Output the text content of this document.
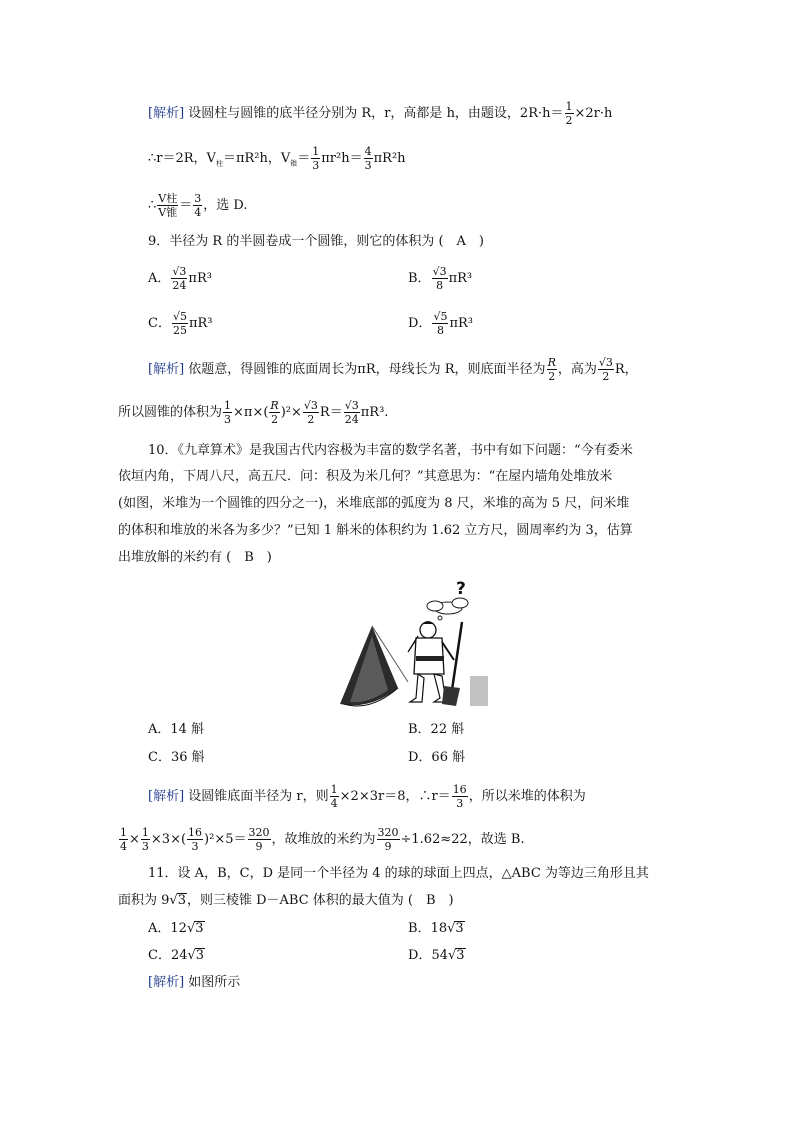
[解析] 设圆柱与圆锥的底半径分别为 R，r，高都是 h，由题设，$2R\cdot h= \frac{1}{2} \times 2r\cdot h$
∴r＝2R，$V_柱=\pi R^2h$，$V_锥= \frac{1}{3} \pi r^2h= \frac{4}{3} \pi R^2h$
∴ $\frac{\text{V柱}}{\text{V锥}} = \frac{3}{4}$ ，选 D.
9．半径为 R 的半圆卷成一个圆锥，则它的体积为 (　A　)
A． $\frac{√3}{24} \pi R^3$	B． $\frac{√3}{8} \pi R^3$
C． $\frac{√5}{25} \pi R^3$	D． $\frac{√5}{8} \pi R^3$
[解析] 依题意，得圆锥的底面周长为πR，母线长为 R，则底面半径为 $\frac{R}{2}$ ，高为 $\frac{√3}{2}$ R，
所以圆锥的体积为 $\frac{1}{3} \times\pi\times( \frac{R}{2} )^2\times \frac{√3}{2} R= \frac{√3}{24} \pi R^3$.
10．《九章算术》是我国古代内容极为丰富的数学名著，书中有如下问题：“今有委米
依垣内角，下周八尺，高五尺．问：积及为米几何？”其意思为：“在屋内墙角处堆放米
(如图，米堆为一个圆锥的四分之一)，米堆底部的弧度为 8 尺，米堆的高为 5 尺，问米堆
的体积和堆放的米各为多少？”已知 1 斛米的体积约为 1.62 立方尺，圆周率约为 3，估算
出堆放斛的米约有 (　B　)
?
A．14 斛	B．22 斛
C．36 斛	D．66 斛
[解析] 设圆锥底面半径为 r，则 $\frac{1}{4} \times 2\times 3r=8$，∴r＝ $\frac{16}{3}$ ，所以米堆的体积为
$\frac{1}{4} \times \frac{1}{3} \times 3\times( \frac{16}{3} )^2\times 5= \frac{320}{9}$ ，故堆放的米约为 $\frac{320}{9} \div 1.62\approx 22$，故选 B.
11．设 A，B，C，D 是同一个半径为 4 的球的球面上四点，△ABC 为等边三角形且其
面积为 9√3，则三棱锥 D－ABC 体积的最大值为 (　B　)
A．12√3	B．18√3
C．24√3	D．54√3
[解析] 如图所示
